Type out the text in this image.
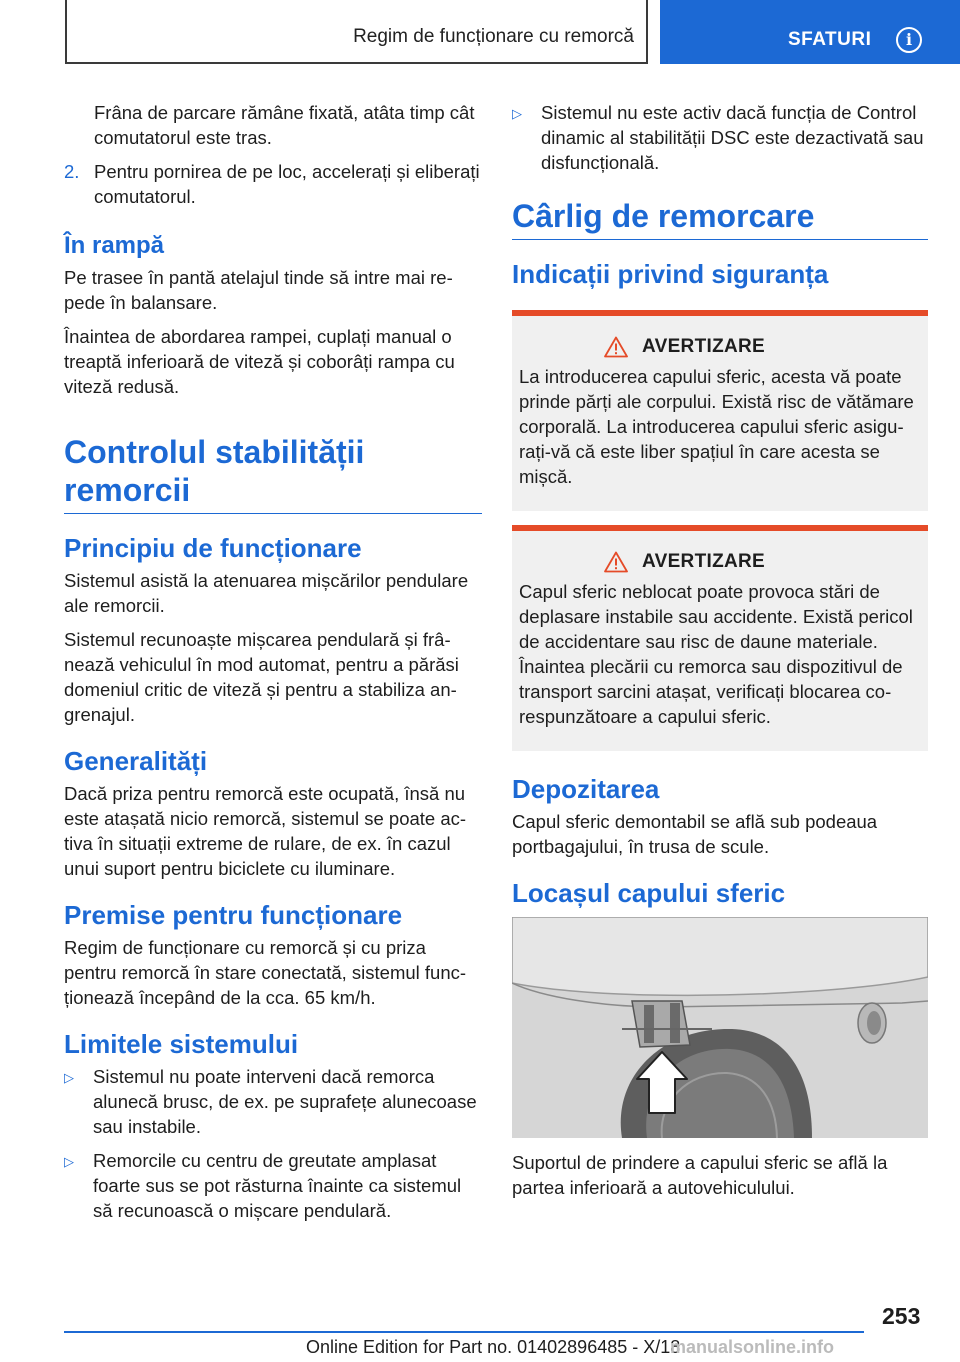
Regim de funcționare cu remorcă	SFATURI	i

Frâna de parcare rămâne fixată, atâta timp cât comutatorul este tras.

2. Pentru pornirea de pe loc, accelerați și eliberați comutatorul.
În rampă

Pe trasee în pantă atelajul tinde să intre mai repede în balansare.

Înaintea de abordarea rampei, cuplați manual o treaptă inferioară de viteză și coborâți rampa cu viteză redusă.

Controlul stabilității remorcii
Principiu de funcționare

Sistemul asistă la atenuarea mișcărilor pendulare ale remorcii.

Sistemul recunoaște mișcarea pendulară și frânează vehiculul în mod automat, pentru a părăsi domeniul critic de viteză și pentru a stabiliza angrenajul.

Generalități

Dacă priza pentru remorcă este ocupată, însă nu este atașată nicio remorcă, sistemul se poate activa în situații extreme de rulare, de ex. în cazul unui suport pentru biciclete cu iluminare.

Premise pentru funcționare

Regim de funcționare cu remorcă și cu priza pentru remorcă în stare conectată, sistemul funcționează începând de la cca. 65 km/h.

Limitele sistemului
▷	Sistemul nu poate interveni dacă remorca alunecă brusc, de ex. pe suprafețe alunecoase sau instabile.
▷	Remorcile cu centru de greutate amplasat foarte sus se pot răsturna înainte ca sistemul să recunoască o mișcare pendulară.
▷	Sistemul nu este activ dacă funcția de Control dinamic al stabilității DSC este dezactivată sau disfuncțională.
Cârlig de remorcare
Indicații privind siguranța
AVERTIZARE

La introducerea capului sferic, acesta vă poate prinde părți ale corpului. Există risc de vătămare corporală. La introducerea capului sferic asigurați-vă că este liber spațiul în care acesta se mișcă.

AVERTIZARE

Capul sferic neblocat poate provoca stări de deplasare instabile sau accidente. Există pericol de accidentare sau risc de daune materiale. Înaintea plecării cu remorca sau dispozitivul de transport sarcini atașat, verificați blocarea corespunzătoare a capului sferic.

Depozitarea

Capul sferic demontabil se află sub podeaua portbagajului, în trusa de scule.

Locașul capului sferic

Suportul de prindere a capului sferic se află la partea inferioară a autovehiculului.

253
Online Edition for Part no. 01402896485 - X/18
manualsonline.info
